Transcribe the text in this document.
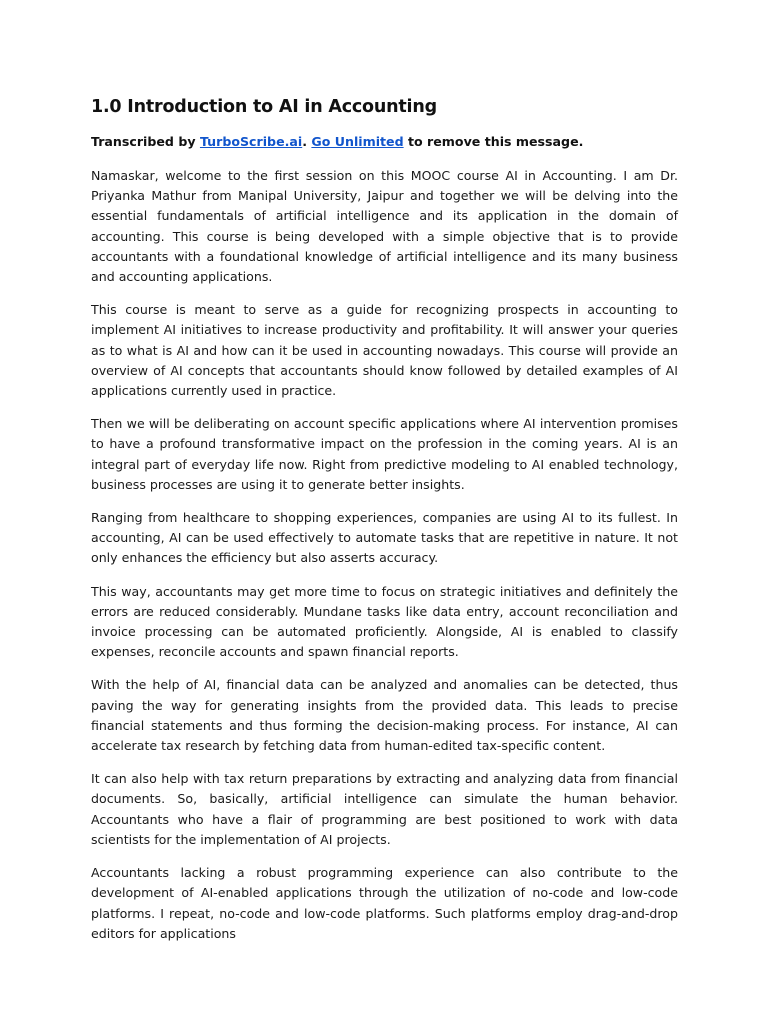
1.0 Introduction to AI in Accounting

Transcribed by TurboScribe.ai. Go Unlimited to remove this message.

Namaskar, welcome to the first session on this MOOC course AI in Accounting. I am Dr. Priyanka Mathur from Manipal University, Jaipur and together we will be delving into the essential fundamentals of artificial intelligence and its application in the domain of accounting. This course is being developed with a simple objective that is to provide accountants with a foundational knowledge of artificial intelligence and its many business and accounting applications.

This course is meant to serve as a guide for recognizing prospects in accounting to implement AI initiatives to increase productivity and profitability. It will answer your queries as to what is AI and how can it be used in accounting nowadays. This course will provide an overview of AI concepts that accountants should know followed by detailed examples of AI applications currently used in practice.

Then we will be deliberating on account specific applications where AI intervention promises to have a profound transformative impact on the profession in the coming years. AI is an integral part of everyday life now. Right from predictive modeling to AI enabled technology, business processes are using it to generate better insights.

Ranging from healthcare to shopping experiences, companies are using AI to its fullest. In accounting, AI can be used effectively to automate tasks that are repetitive in nature. It not only enhances the efficiency but also asserts accuracy.

This way, accountants may get more time to focus on strategic initiatives and definitely the errors are reduced considerably. Mundane tasks like data entry, account reconciliation and invoice processing can be automated proficiently. Alongside, AI is enabled to classify expenses, reconcile accounts and spawn financial reports.

With the help of AI, financial data can be analyzed and anomalies can be detected, thus paving the way for generating insights from the provided data. This leads to precise financial statements and thus forming the decision-making process. For instance, AI can accelerate tax research by fetching data from human-edited tax-specific content.

It can also help with tax return preparations by extracting and analyzing data from financial documents. So, basically, artificial intelligence can simulate the human behavior. Accountants who have a flair of programming are best positioned to work with data scientists for the implementation of AI projects.

Accountants lacking a robust programming experience can also contribute to the development of AI-enabled applications through the utilization of no-code and low-code platforms. I repeat, no-code and low-code platforms. Such platforms employ drag-and-drop editors for applications
